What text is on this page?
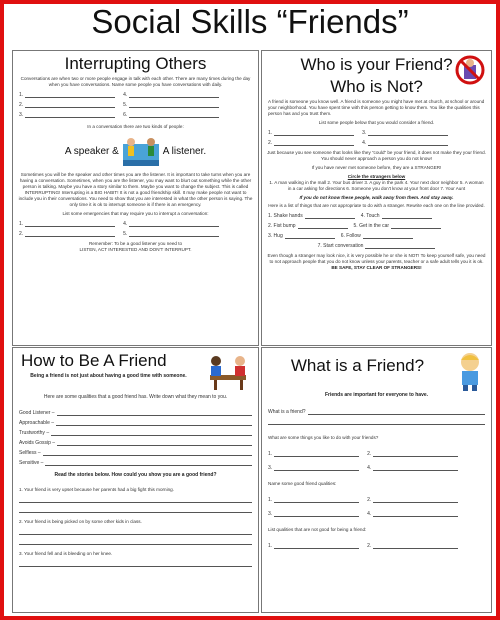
Social Skills “Friends”
Interrupting Others
Conversations are when two or more people engage in talk with each other. There are many times during the day when you have conversations. Name some people you have conversations with daily.
1.	4.
2.	5.
3.	6.
In a conversation there are two kinds of people:
A speaker &	A listener.
Sometimes you will be the speaker and other times you are the listener. It is important to take turns when you are having a conversation. Sometimes, when you are the listener, you may want to blurt out something while the other person is talking. Maybe you have a story similar to them. Maybe you want to change the subject. This is called INTERRUPTING! Interrupting is a BIG HABIT! It is not a good friendship skill. It may make people not want to include you in their conversations. You need to show that you are interested in what the other person is saying. The only time it is ok to interrupt someone is if there is an emergency.
List some emergencies that may require you to interrupt a conversation:
1.	4.
2.	5.
Remember: To be a good listener you need to
LISTEN, ACT INTERESTED AND DON'T INTERRUPT.
Who is your Friend?
Who is Not?
A friend is someone you know well. A friend is someone you might have met at church, at school or around your neighborhood. You have spent time with this person getting to know them. You like the qualities this person has and you trust them.
List some people below that you would consider a friend.
1.	3.
2.	4.
Just because you see someone that looks like they “could” be your friend, it does not make they your friend. You should never approach a person you do not know!
If you have never met someone before, they are a STRANGER!
Circle the strangers below
1. A man walking in the mall 2. Your bus driver 3. A guy in the park 4. Your next door neighbor 5. A woman in a car asking for directions 6. Someone you don't know at your front door 7. Your Aunt
If you do not know these people, walk away from them. And stay away.
Here is a list of things that are not appropriate to do with a stranger. Rewrite each one on the line provided.
1. Shake hands	4. Touch
2. Fist bump	5. Get in the car
3. Hug	6. Follow
7. Start conversation
Even though a stranger may look nice, it is very possible he or she is NOT! To keep yourself safe, you need to not approach people that you do not know unless your parents, teacher or a safe adult tells you it is ok.
BE SAFE, STAY CLEAR OF STRANGERS!
How to Be A Friend
Being a friend is not just about having a good time with someone.
Here are some qualities that a good friend has. Write down what they mean to you.
Good Listener –
Approachable –
Trustworthy –
Avoids Gossip –
Selfless –
Sensitive –
Read the stories below. How could you show you are a good friend?
1. Your friend is very upset because her parents had a big fight this morning.
2. Your friend is being picked on by some other kids in class.
3. Your friend fell and is bleeding on her knee.
What is a Friend?
Friends are important for everyone to have.
What is a friend?
What are some things you like to do with your friends?
1.	2.
3.	4.
Name some good friend qualities:
1.	2.
3.	4.
List qualities that are not good for being a friend:
1.	2.
